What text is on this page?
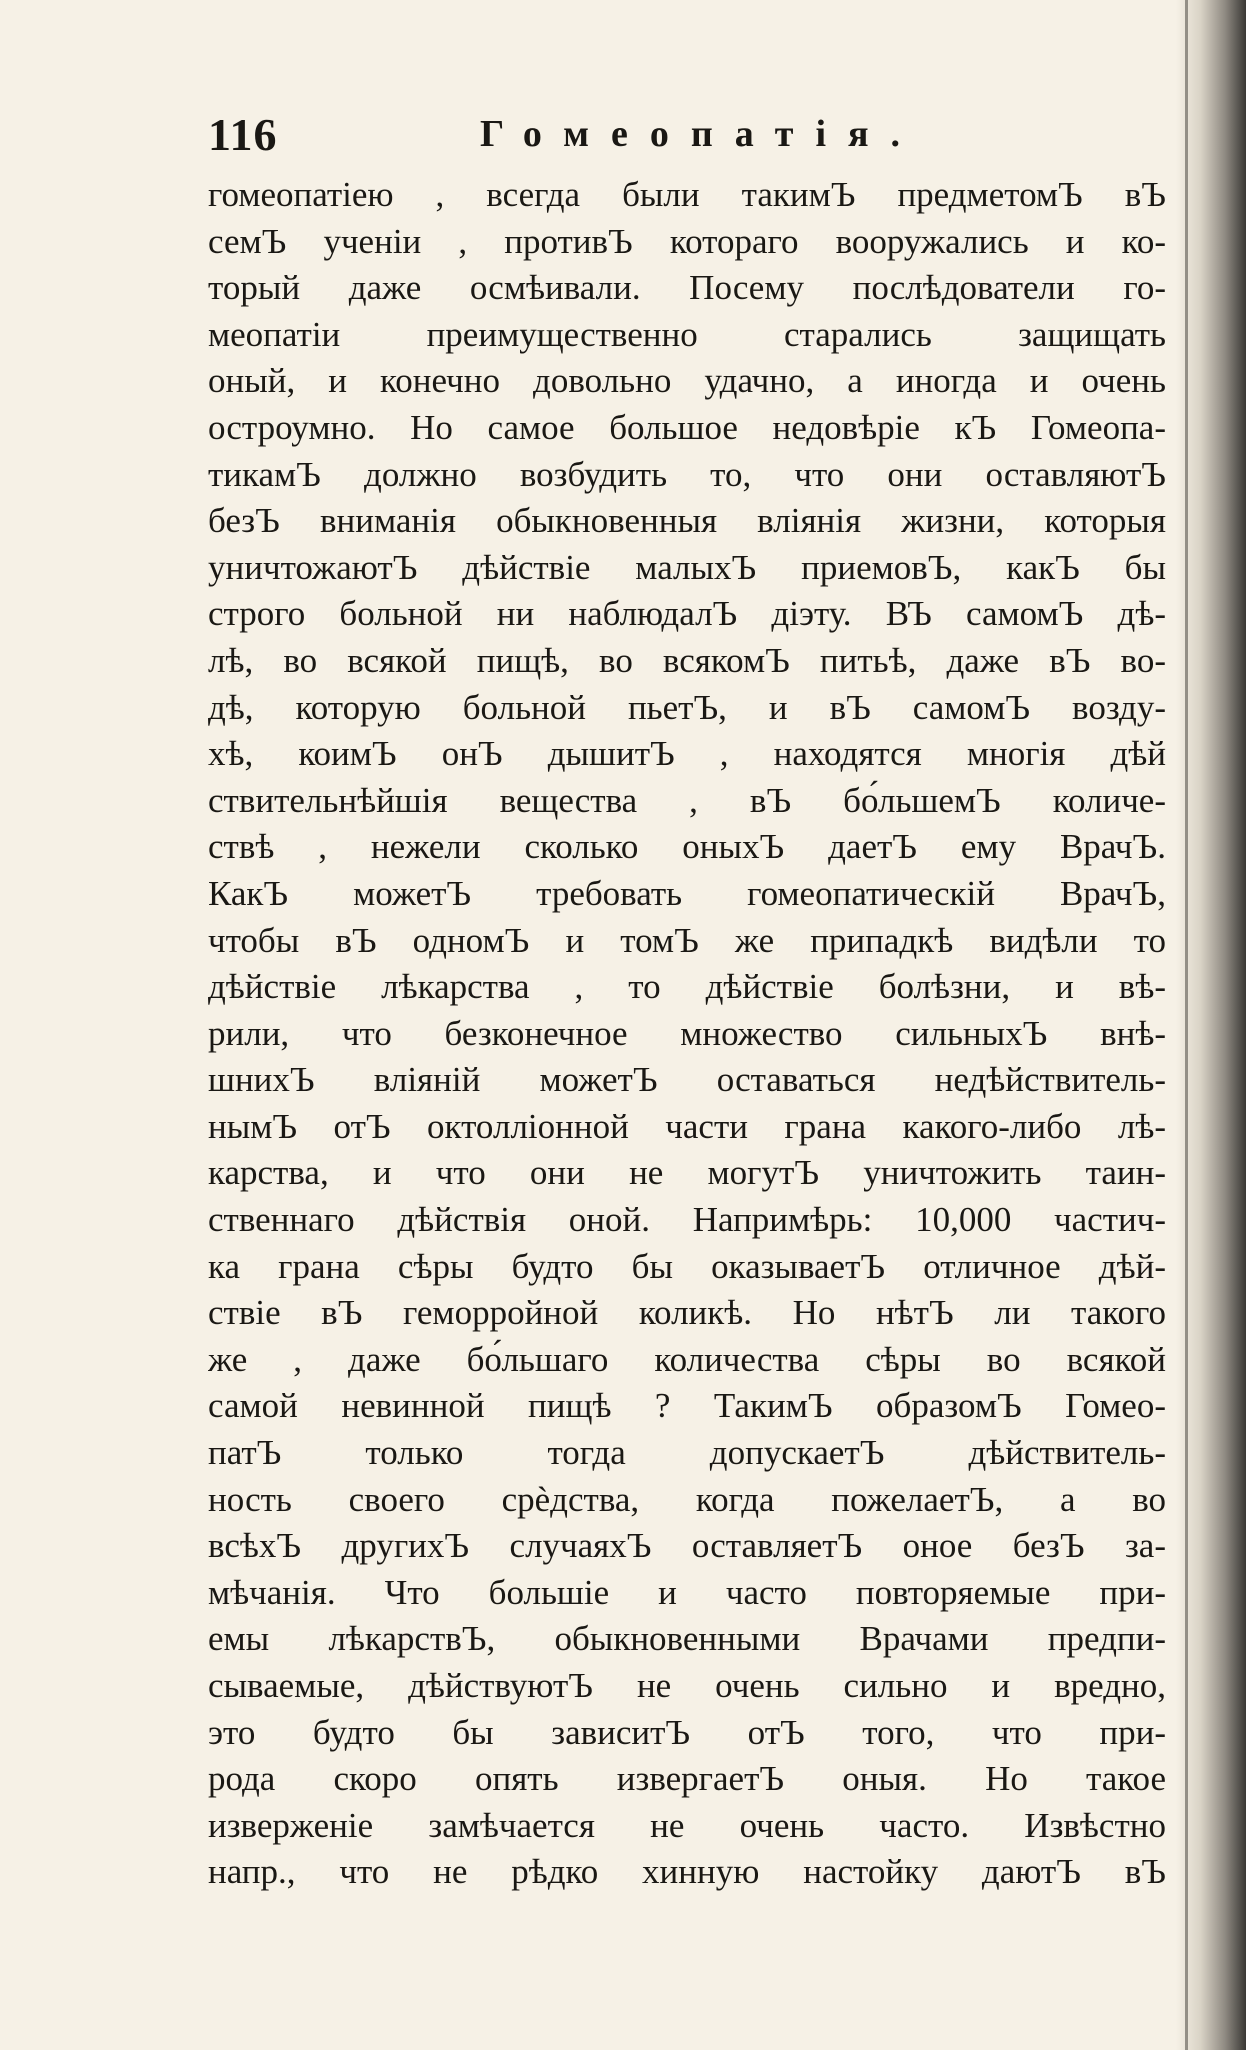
116	Гомеопатія.
гомеопатіею , всегда были такимЪ предметомЪ вЪ
семЪ ученіи , противЪ котораго вооружались и ко-
торый даже осмѣивали. Посему послѣдователи го-
меопатіи преимущественно старались защищать
оный, и конечно довольно удачно, а иногда и очень
остроумно. Но самое большое недовѣріе кЪ Гомеопа-
тикамЪ должно возбудить то, что они оставляютЪ
безЪ вниманія обыкновенныя вліянія жизни, которыя
уничтожаютЪ дѣйствіе малыхЪ приемовЪ, какЪ бы
строго больной ни наблюдалЪ діэту. ВЪ самомЪ дѣ-
лѣ, во всякой пищѣ, во всякомЪ питьѣ, даже вЪ во-
дѣ, которую больной пьетЪ, и вЪ самомЪ возду-
хѣ, коимЪ онЪ дышитЪ , находятся многія дѣй
ствительнѣйшія вещества , вЪ бо́льшемЪ количе-
ствѣ , нежели сколько оныхЪ даетЪ ему ВрачЪ.
КакЪ можетЪ требовать гомеопатическій ВрачЪ,
чтобы вЪ одномЪ и томЪ же припадкѣ видѣли то
дѣйствіе лѣкарства , то дѣйствіе болѣзни, и вѣ-
рили, что безконечное множество сильныхЪ внѣ-
шнихЪ вліяній можетЪ оставаться недѣйствитель-
нымЪ отЪ октолліонной части грана какого-либо лѣ-
карства, и что они не могутЪ уничтожить таин-
ственнаго дѣйствія оной. Напримѣрь: 10,000 частич-
ка грана сѣры будто бы оказываетЪ отличное дѣй-
ствіе вЪ геморройной коликѣ. Но нѣтЪ ли такого
же , даже бо́льшаго количества сѣры во всякой
самой невинной пищѣ ? ТакимЪ образомЪ Гомео-
патЪ только тогда допускаетЪ дѣйствитель-
ность своего срѐдства, когда пожелаетЪ, а во
всѣхЪ другихЪ случаяхЪ оставляетЪ оное безЪ за-
мѣчанія. Что большіе и часто повторяемые при-
емы лѣкарствЪ, обыкновенными Врачами предпи-
сываемые, дѣйствуютЪ не очень сильно и вредно,
это будто бы зависитЪ отЪ того, что при-
рода скоро опять извергаетЪ оныя. Но такое
изверженіе замѣчается не очень часто. Извѣстно
напр., что не рѣдко хинную настойку даютЪ вЪ
